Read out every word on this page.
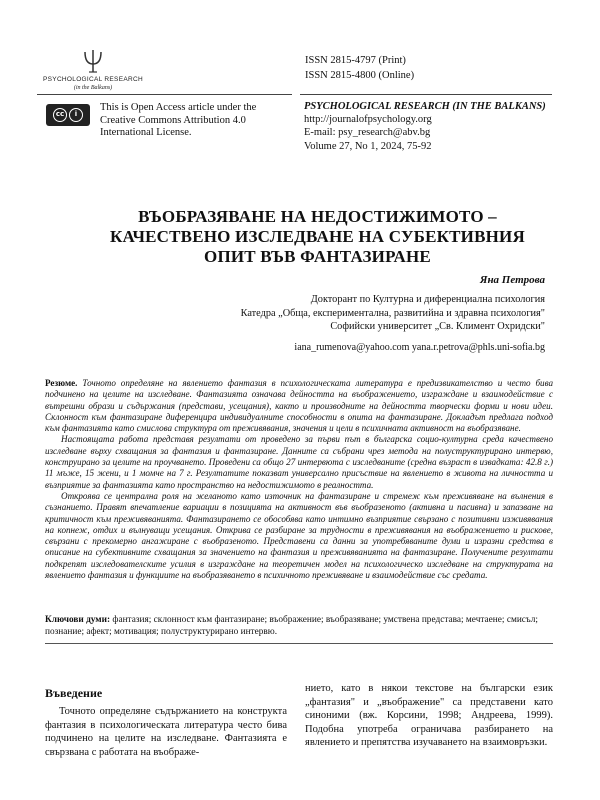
PSYCHOLOGICAL RESEARCH
(in the Balkans)
ISSN 2815-4797 (Print)
ISSN 2815-4800 (Online)
cc	i
This is Open Access article under the Creative Commons Attribution 4.0 International License.
PSYCHOLOGICAL RESEARCH (IN THE BALKANS)
http://journalofpsychology.org
E-mail: psy_research@abv.bg
Volume 27, No 1, 2024, 75-92
ВЪОБРАЗЯВАНЕ НА НЕДОСТИЖИМОТО –
КАЧЕСТВЕНО ИЗСЛЕДВАНЕ НА СУБЕКТИВНИЯ
ОПИТ ВЪВ ФАНТАЗИРАНЕ
Яна Петрова
Докторант по Културна и диференциална психология
Катедра „Обща, експериментална, развитийна и здравна психология"
Софийски университет „Св. Климент Охридски"
iana_rumenova@yahoo.com yana.r.petrova@phls.uni-sofia.bg

Резюме. Точното определяне на явлението фантазия в психологическата литература е предизвикателство и често бива подчинено на целите на изследване. Фантазията означава дейността на въображението, изграждане и взаимодействие с вътрешни образи и съдържания (представи, усещания), както и производните на дейността творчески форми и нови идеи. Склонност към фантазиране диференцира индивидуалните способности в опита на фантазиране. Докладът предлага подход към фантазията като смислова структура от преживявания, значения и цели в психичната активност на въобразяване.

Настоящата работа представя резултати от проведено за първи път в българска социо-културна среда качествено изследване върху схващания за фантазия и фантазиране. Данните са събрани чрез метода на полуструктурирано интервю, конструирано за целите на проучването. Проведени са общо 27 интервюта с изследваните (средна възраст в извадката: 42.8 г.) 11 мъже, 15 жени, и 1 момче на 7 г. Резултатите показват универсално присъствие на явлението в живота на личността и възприятие за фантазията като пространство на недостижимото в реалността.

Откроява се централна роля на желаното като източник на фантазиране и стремеж към преживяване на вълнения в съзнанието. Правят впечатление вариации в позицията на активност във въобразеното (активна и пасивна) и запазване на критичност към преживяванията. Фантазирането се обособява като интимно възприятие свързано с позитивни изживявания на копнеж, отдих и вълнуващи усещания. Открива се разбиране за трудности в преживявания на въображението и рискове, свързани с прекомерно ангажиране с въобразеното. Представени са данни за употребяваните думи и изразни средства в описание на субективните схващания за значението на фантазия и преживяванията на фантазиране. Получените резултати подкрепят изследователските усилия в изграждане на теоретичен модел на психологическо изследване на структурата на явлението фантазия и функциите на въобразяването в психичното преживяване и взаимодействие със средата.

Ключови думи: фантазия; склонност към фантазиране; въображение; въобразяване; умствена представа; мечтаене; смисъл; познание; афект; мотивация; полуструктурирано интервю.
Въведение

Точното определяне съдържанието на конструкта фантазия в психологическата литература често бива подчинено на целите на изследване. Фантазията е свързвана с работата на въображе-

нието, като в някои текстове на български език „фантазия" и „въображение" са представени като синоними (вж. Корсини, 1998; Андреева, 1999). Подобна употреба ограничава разбирането на явлението и препятства изучаването на взаимовръзки.
